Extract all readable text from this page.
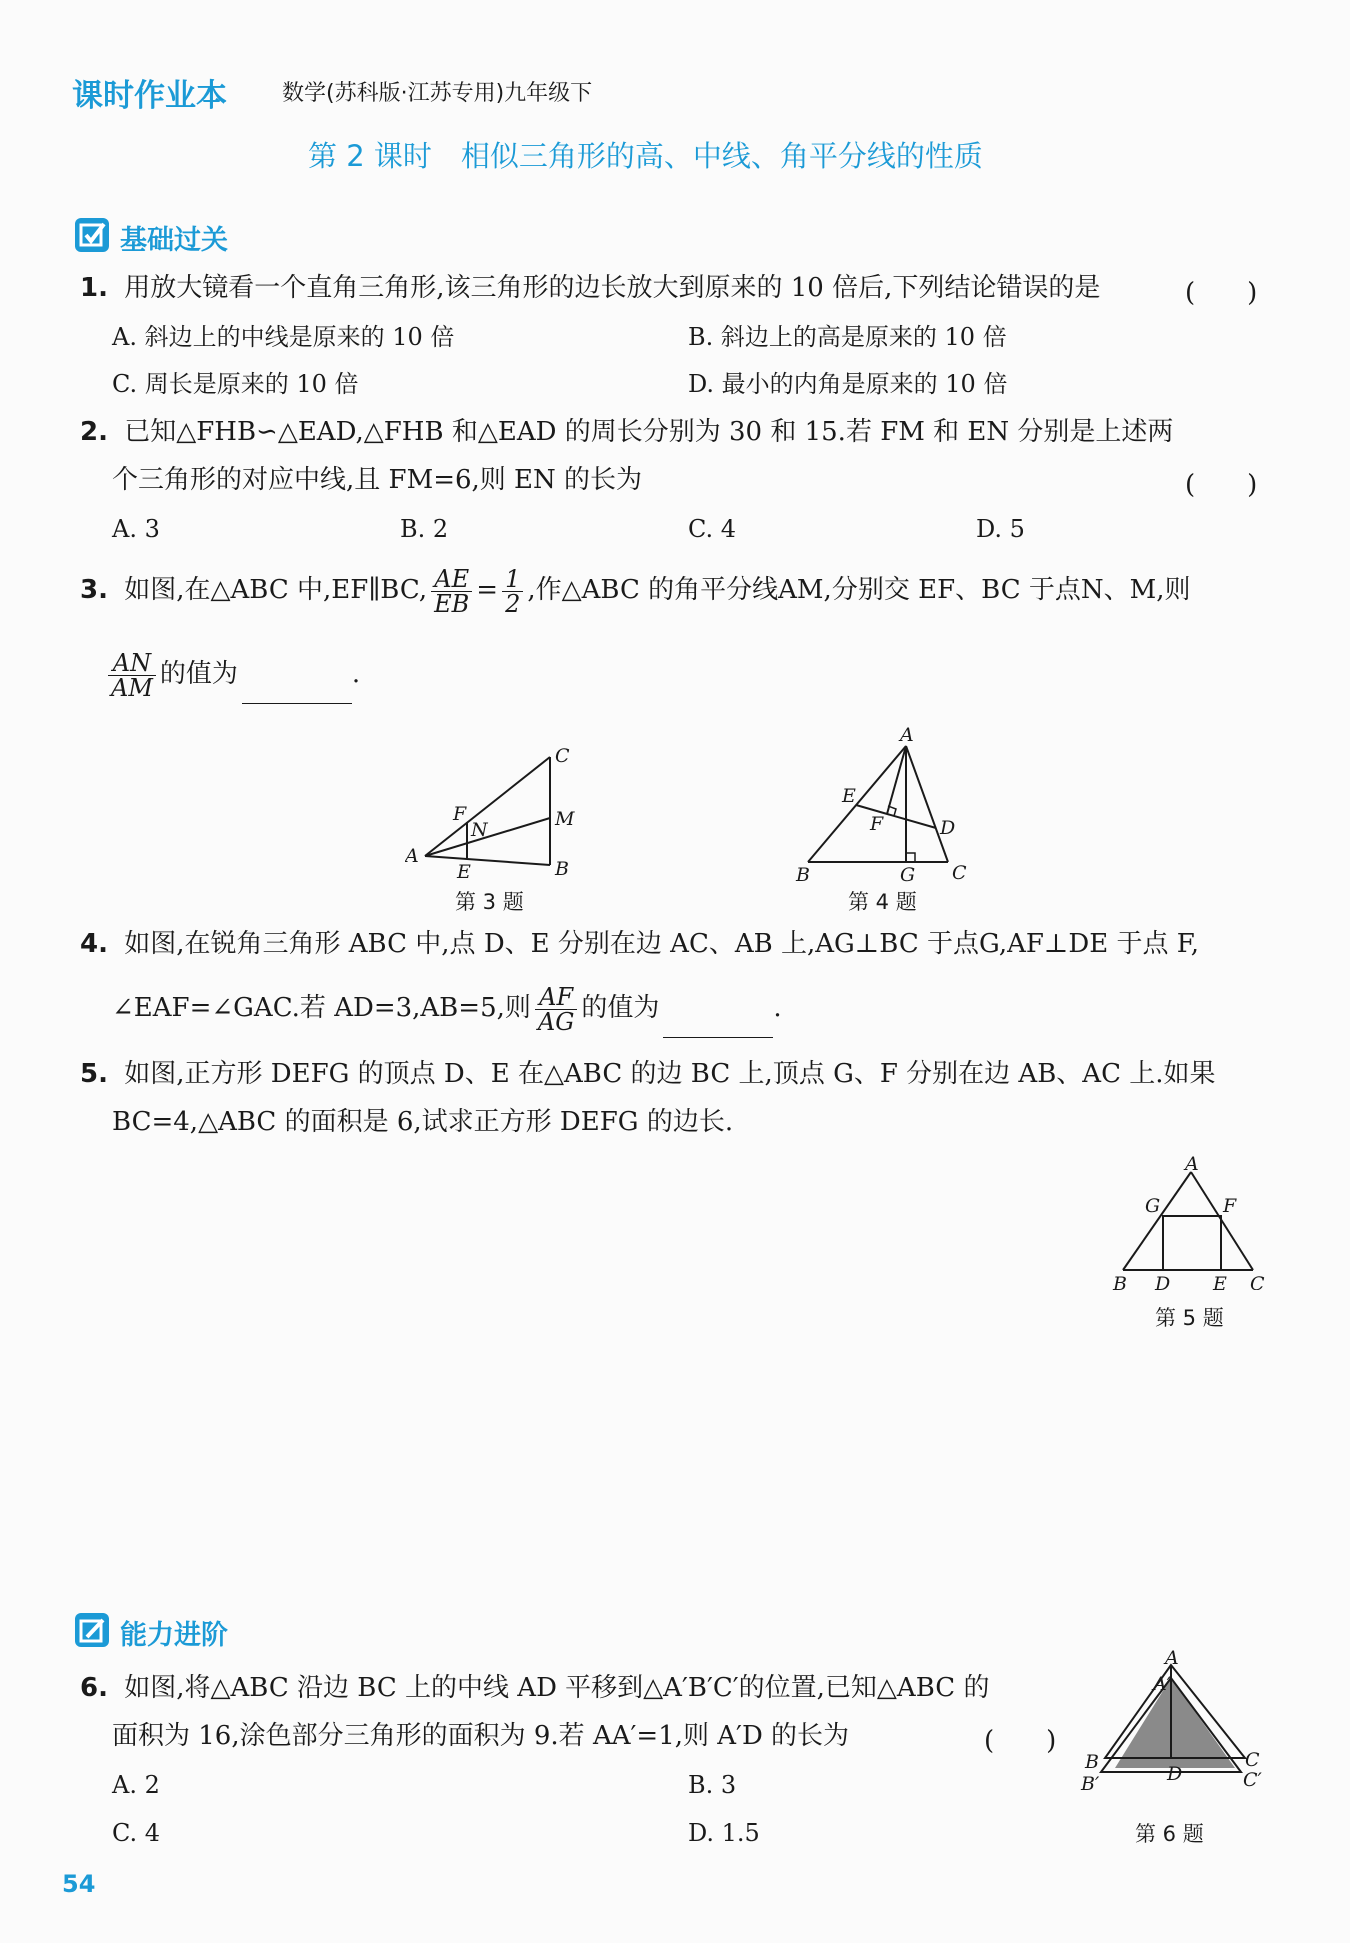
课时作业本	数学(苏科版·江苏专用)九年级下
第 2 课时　相似三角形的高、中线、角平分线的性质
基础过关
1. 用放大镜看一个直角三角形,该三角形的边长放大到原来的 10 倍后,下列结论错误的是	(　　)
A. 斜边上的中线是原来的 10 倍	B. 斜边上的高是原来的 10 倍
C. 周长是原来的 10 倍	D. 最小的内角是原来的 10 倍
2. 已知△FHB∽△EAD,△FHB 和△EAD 的周长分别为 30 和 15.若 FM 和 EN 分别是上述两
个三角形的对应中线,且 FM=6,则 EN 的长为	(　　)
A. 3	B. 2	C. 4	D. 5
3. 如图,在△ABC 中,EF∥BC, $\frac{AE}{EB} = \frac{1}{2}$ ,作△ABC 的角平分线AM,分别交 EF、BC 于点N、M,则
$\frac{AN}{AM}$ 的值为	.
A
B
C
E
F
N	M
第 3 题
A
B	C
D
E
F
G
第 4 题
4. 如图,在锐角三角形 ABC 中,点 D、E 分别在边 AC、AB 上,AG⊥BC 于点G,AF⊥DE 于点 F,
∠EAF=∠GAC.若 AD=3,AB=5,则 $\frac{AF}{AG}$ 的值为	.
5. 如图,正方形 DEFG 的顶点 D、E 在△ABC 的边 BC 上,顶点 G、F 分别在边 AB、AC 上.如果
BC=4,△ABC 的面积是 6,试求正方形 DEFG 的边长.
A
B	C
D E
F
G
第 5 题
能力进阶
6. 如图,将△ABC 沿边 BC 上的中线 AD 平移到△A′B′C′的位置,已知△ABC 的
面积为 16,涂色部分三角形的面积为 9.若 AA′=1,则 A′D 的长为	(　　)
A. 2	B. 3
C. 4	D. 1.5
A
A′
B
B′
C
C′
D
第 6 题
54
